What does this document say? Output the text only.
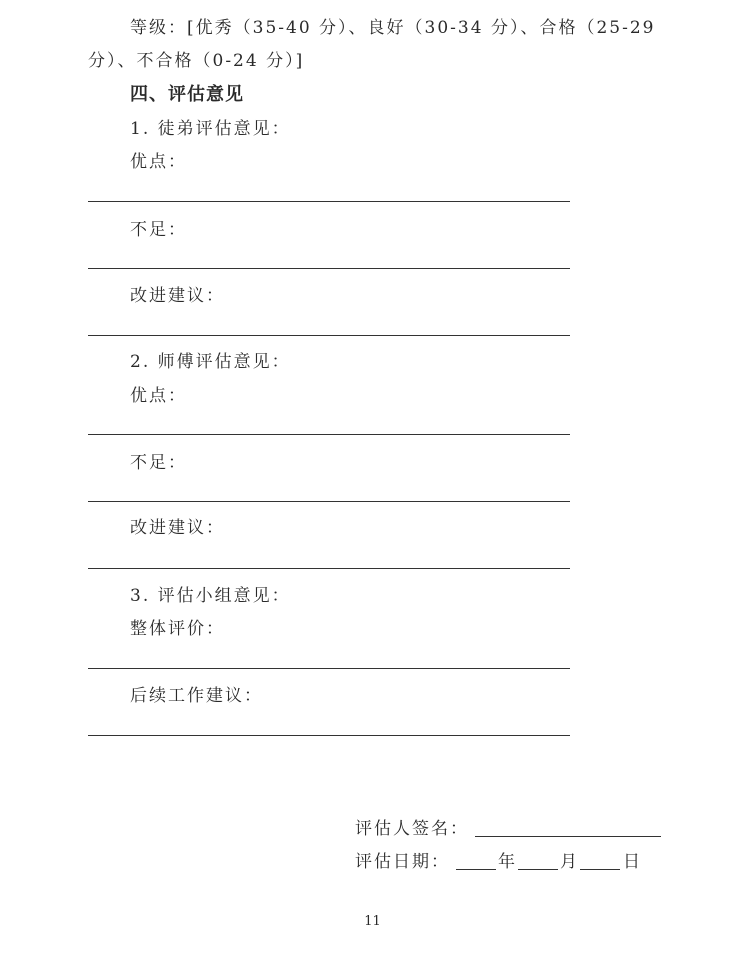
等级：[优秀（35-40 分）、良好（30-34 分）、合格（25-29
分）、不合格（0-24 分）]
四、评估意见
1. 徒弟评估意见：
优点：
不足：
改进建议：
2. 师傅评估意见：
优点：
不足：
改进建议：
3. 评估小组意见：
整体评价：
后续工作建议：
评估人签名：
评估日期：	年	月	日
11
